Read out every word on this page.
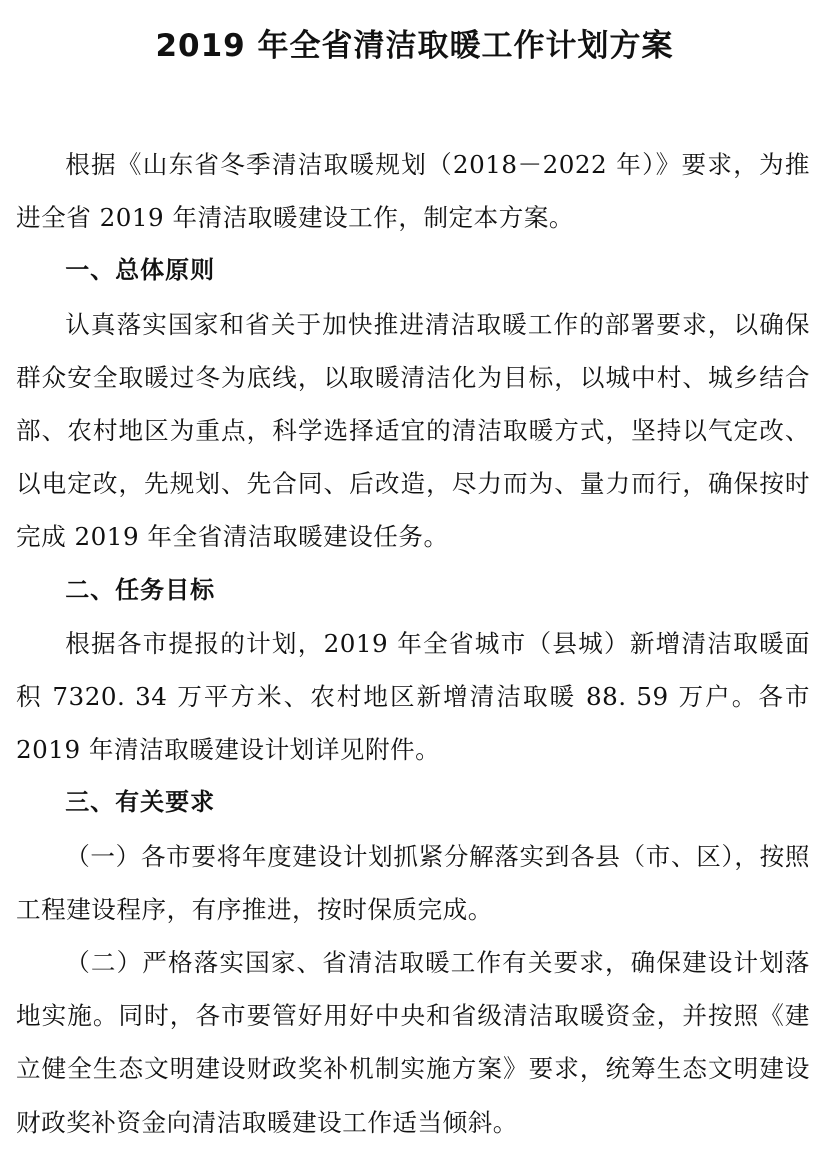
2019 年全省清洁取暖工作计划方案

根据《山东省冬季清洁取暖规划（2018－2022 年）》要求，为推进全省 2019 年清洁取暖建设工作，制定本方案。

一、总体原则

认真落实国家和省关于加快推进清洁取暖工作的部署要求，以确保群众安全取暖过冬为底线，以取暖清洁化为目标，以城中村、城乡结合部、农村地区为重点，科学选择适宜的清洁取暖方式，坚持以气定改、以电定改，先规划、先合同、后改造，尽力而为、量力而行，确保按时完成 2019 年全省清洁取暖建设任务。

二、任务目标

根据各市提报的计划，2019 年全省城市（县城）新增清洁取暖面积 7320. 34 万平方米、农村地区新增清洁取暖 88. 59 万户。各市 2019 年清洁取暖建设计划详见附件。

三、有关要求

（一）各市要将年度建设计划抓紧分解落实到各县（市、区），按照工程建设程序，有序推进，按时保质完成。

（二）严格落实国家、省清洁取暖工作有关要求，确保建设计划落地实施。同时，各市要管好用好中央和省级清洁取暖资金，并按照《建立健全生态文明建设财政奖补机制实施方案》要求，统筹生态文明建设财政奖补资金向清洁取暖建设工作适当倾斜。
